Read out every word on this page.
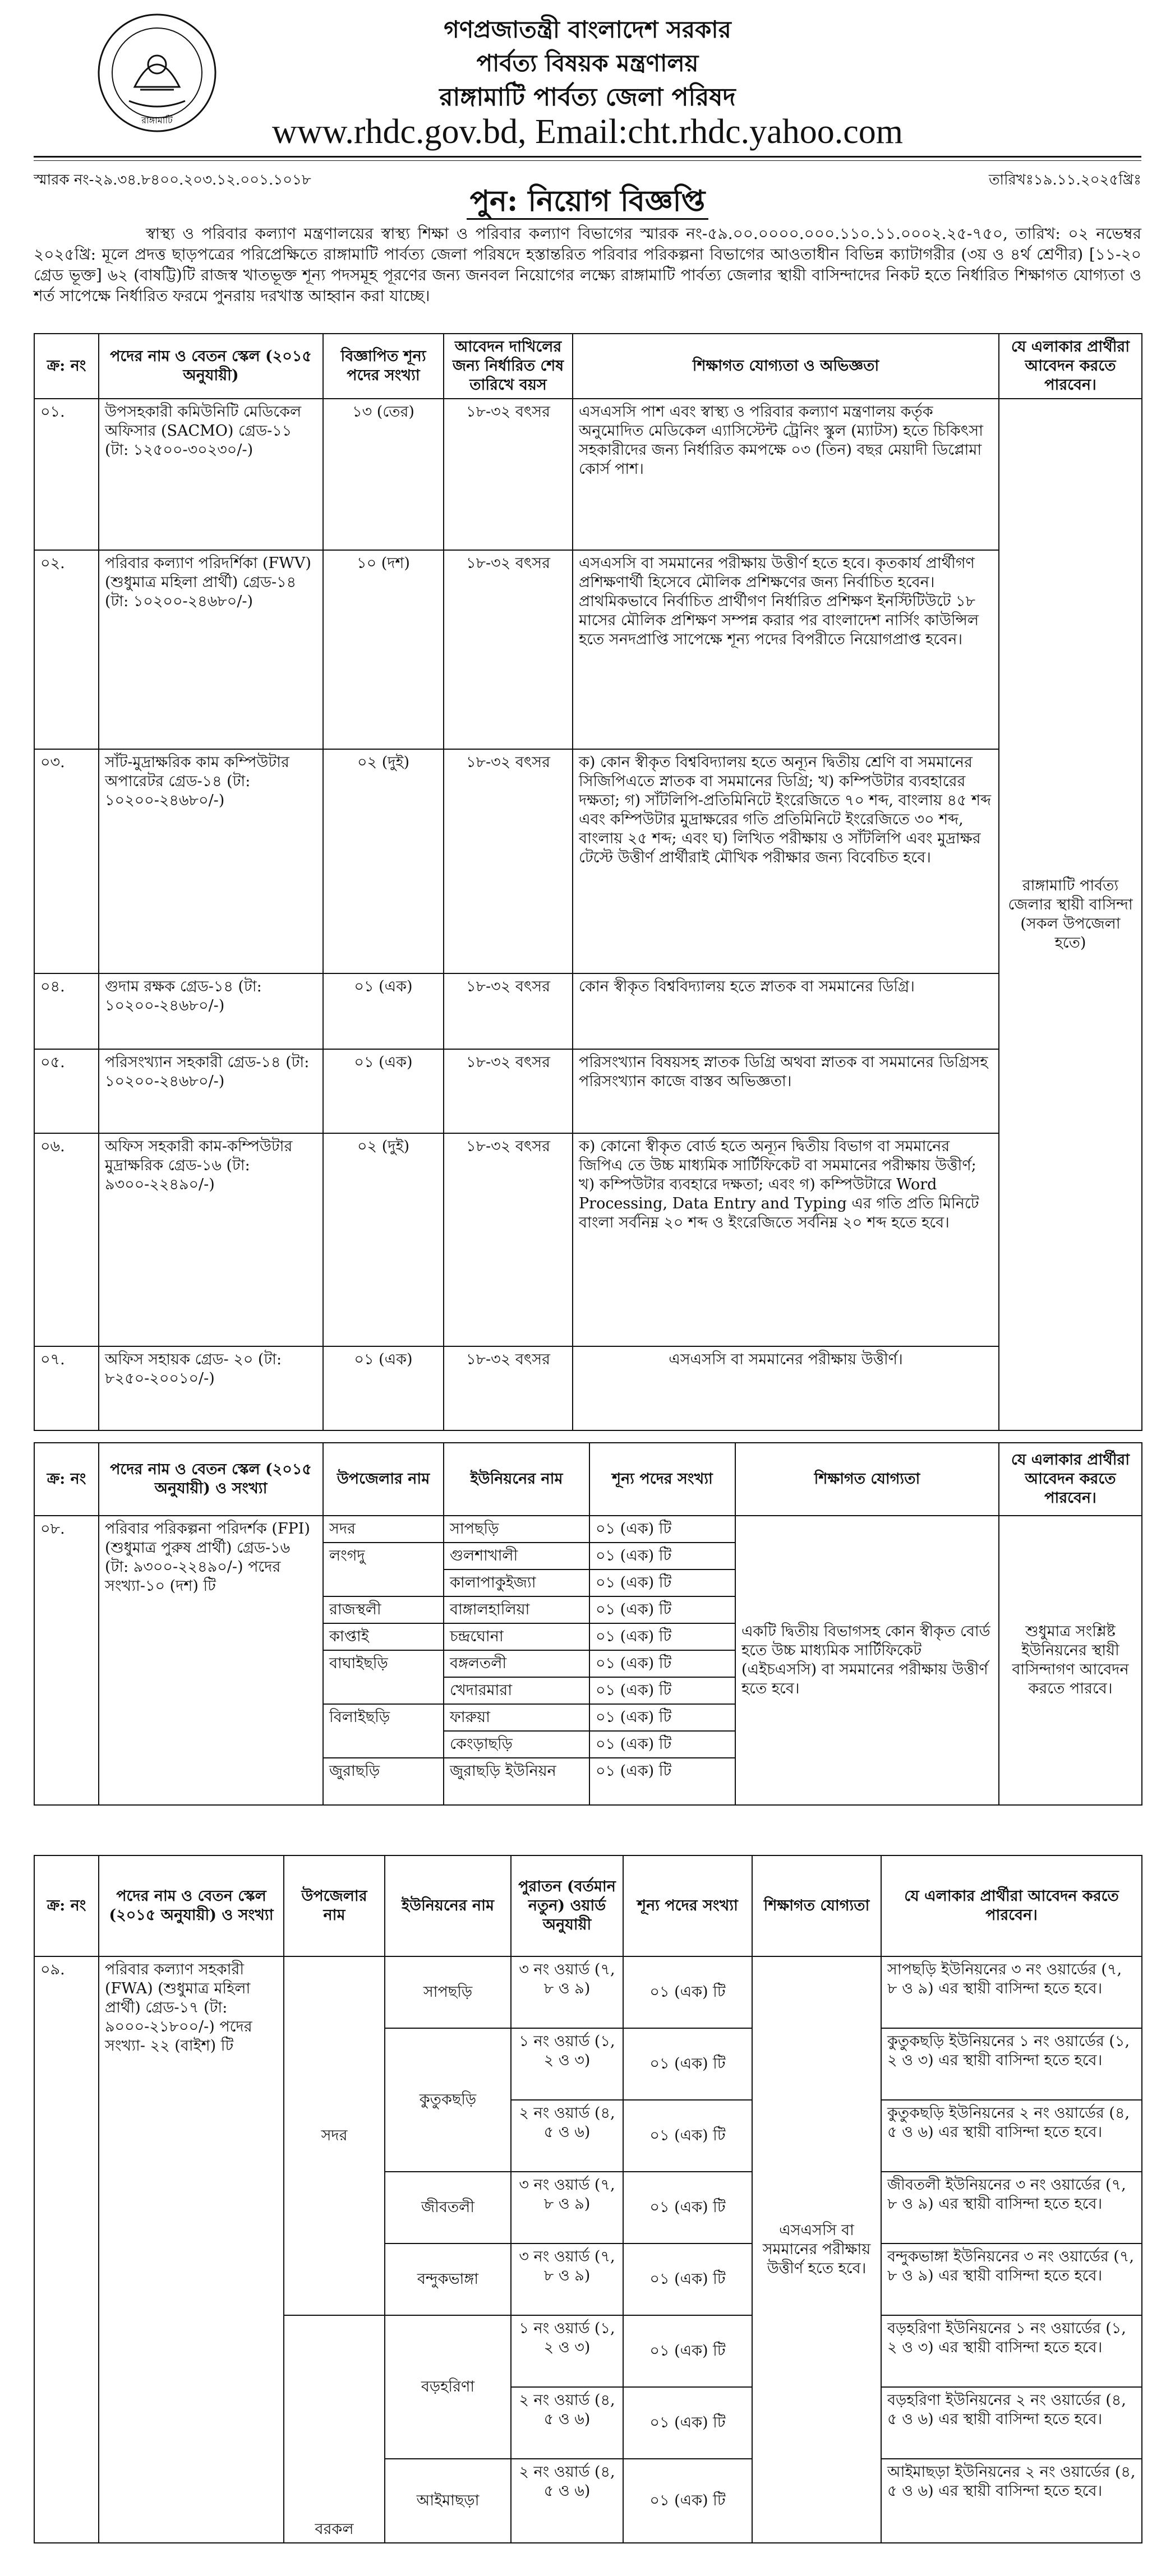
রাঙ্গামাটি
গণপ্রজাতন্ত্রী বাংলাদেশ সরকার
পার্বত্য বিষয়ক মন্ত্রণালয়
রাঙ্গামাটি পার্বত্য জেলা পরিষদ
www.rhdc.gov.bd, Email:cht.rhdc.yahoo.com
স্মারক নং-২৯.৩৪.৮৪০০.২০৩.১২.০০১.১০১৮	তারিখঃ১৯.১১.২০২৫খ্রিঃ
পুন: নিয়োগ বিজ্ঞপ্তি
স্বাস্থ্য ও পরিবার কল্যাণ মন্ত্রণালয়ের স্বাস্থ্য শিক্ষা ও পরিবার কল্যাণ বিভাগের স্মারক নং-৫৯.০০.০০০০.০০০.১১০.১১.০০০২.২৫-৭৫০, তারিখ: ০২ নভেম্বর ২০২৫খ্রি: মূলে প্রদত্ত ছাড়পত্রের পরিপ্রেক্ষিতে রাঙ্গামাটি পার্বত্য জেলা পরিষদে হস্তান্তরিত পরিবার পরিকল্পনা বিভাগের আওতাধীন বিভিন্ন ক্যাটাগরীর (৩য় ও ৪র্থ শ্রেণীর) [১১-২০ গ্রেড ভূক্ত] ৬২ (বাষট্টি)টি রাজস্ব খাতভূক্ত শূন্য পদসমূহ পূরণের জন্য জনবল নিয়োগের লক্ষ্যে রাঙ্গামাটি পার্বত্য জেলার স্থায়ী বাসিন্দাদের নিকট হতে নির্ধারিত শিক্ষাগত যোগ্যতা ও শর্ত সাপেক্ষে নির্ধারিত ফরমে পুনরায় দরখাস্ত আহ্বান করা যাচ্ছে।
ক্র: নং	পদের নাম ও বেতন স্কেল (২০১৫ অনুযায়ী)	বিজ্ঞাপিত শূন্য পদের সংখ্যা	আবেদন দাখিলের জন্য নির্ধারিত শেষ তারিখে বয়স	শিক্ষাগত যোগ্যতা ও অভিজ্ঞতা	যে এলাকার প্রার্থীরা আবেদন করতে পারবেন।
০১.	উপসহকারী কমিউনিটি মেডিকেল অফিসার (SACMO) গ্রেড-১১ (টা: ১২৫০০-৩০২৩০/-)	১৩ (তের)	১৮-৩২ বৎসর	এসএসসি পাশ এবং স্বাস্থ্য ও পরিবার কল্যাণ মন্ত্রণালয় কর্তৃক অনুমোদিত মেডিকেল এ্যাসিস্টেন্ট ট্রেনিং স্কুল (ম্যাটস) হতে চিকিৎসা সহকারীদের জন্য নির্ধারিত কমপক্ষে ০৩ (তিন) বছর মেয়াদী ডিপ্লোমা কোর্স পাশ।	রাঙ্গামাটি পার্বত্য জেলার স্থায়ী বাসিন্দা (সকল উপজেলা হতে)
০২.	পরিবার কল্যাণ পরিদর্শিকা (FWV) (শুধুমাত্র মহিলা প্রার্থী) গ্রেড-১৪ (টা: ১০২০০-২৪৬৮০/-)	১০ (দশ)	১৮-৩২ বৎসর	এসএসসি বা সমমানের পরীক্ষায় উত্তীর্ণ হতে হবে। কৃতকার্য প্রার্থীগণ প্রশিক্ষণার্থী হিসেবে মৌলিক প্রশিক্ষণের জন্য নির্বাচিত হবেন। প্রাথমিকভাবে নির্বাচিত প্রার্থীগণ নির্ধারিত প্রশিক্ষণ ইনস্টিটিউটে ১৮ মাসের মৌলিক প্রশিক্ষণ সম্পন্ন করার পর বাংলাদেশ নার্সিং কাউন্সিল হতে সনদপ্রাপ্তি সাপেক্ষে শূন্য পদের বিপরীতে নিয়োগপ্রাপ্ত হবেন।	
০৩.	সাঁট-মুদ্রাক্ষরিক কাম কম্পিউটার অপারেটর গ্রেড-১৪ (টা: ১০২০০-২৪৬৮০/-)	০২ (দুই)	১৮-৩২ বৎসর	ক) কোন স্বীকৃত বিশ্ববিদ্যালয় হতে অন্যূন দ্বিতীয় শ্রেণি বা সমমানের সিজিপিএতে স্নাতক বা সমমানের ডিগ্রি; খ) কম্পিউটার ব্যবহারের দক্ষতা; গ) সাঁটলিপি-প্রতিমিনিটে ইংরেজিতে ৭০ শব্দ, বাংলায় ৪৫ শব্দ এবং কম্পিউটার মুদ্রাক্ষরের গতি প্রতিমিনিটে ইংরেজিতে ৩০ শব্দ, বাংলায় ২৫ শব্দ; এবং ঘ) লিখিত পরীক্ষায় ও সাঁটলিপি এবং মুদ্রাক্ষর টেস্টে উত্তীর্ণ প্রার্থীরাই মৌখিক পরীক্ষার জন্য বিবেচিত হবে।	
০৪.	গুদাম রক্ষক গ্রেড-১৪ (টা: ১০২০০-২৪৬৮০/-)	০১ (এক)	১৮-৩২ বৎসর	কোন স্বীকৃত বিশ্ববিদ্যালয় হতে স্নাতক বা সমমানের ডিগ্রি।	
০৫.	পরিসংখ্যান সহকারী গ্রেড-১৪ (টা: ১০২০০-২৪৬৮০/-)	০১ (এক)	১৮-৩২ বৎসর	পরিসংখ্যান বিষয়সহ স্নাতক ডিগ্রি অথবা স্নাতক বা সমমানের ডিগ্রিসহ পরিসংখ্যান কাজে বাস্তব অভিজ্ঞতা।	
০৬.	অফিস সহকারী কাম-কম্পিউটার মুদ্রাক্ষরিক গ্রেড-১৬ (টা: ৯৩০০-২২৪৯০/-)	০২ (দুই)	১৮-৩২ বৎসর	ক) কোনো স্বীকৃত বোর্ড হতে অন্যূন দ্বিতীয় বিভাগ বা সমমানের জিপিএ তে উচ্চ মাধ্যমিক সার্টিফিকেট বা সমমানের পরীক্ষায় উত্তীর্ণ; খ) কম্পিউটার ব্যবহারে দক্ষতা; এবং গ) কম্পিউটারে Word Processing, Data Entry and Typing এর গতি প্রতি মিনিটে বাংলা সর্বনিম্ন ২০ শব্দ ও ইংরেজিতে সর্বনিম্ন ২০ শব্দ হতে হবে।	
০৭.	অফিস সহায়ক গ্রেড- ২০ (টা: ৮২৫০-২০০১০/-)	০১ (এক)	১৮-৩২ বৎসর	এসএসসি বা সমমানের পরীক্ষায় উত্তীর্ণ।	
ক্র: নং	পদের নাম ও বেতন স্কেল (২০১৫ অনুযায়ী) ও সংখ্যা	উপজেলার নাম	ইউনিয়নের নাম	শূন্য পদের সংখ্যা	শিক্ষাগত যোগ্যতা	যে এলাকার প্রার্থীরা আবেদন করতে পারবেন।
০৮.	পরিবার পরিকল্পনা পরিদর্শক (FPI) (শুধুমাত্র পুরুষ প্রার্থী) গ্রেড-১৬ (টা: ৯৩০০-২২৪৯০/-) পদের সংখ্যা-১০ (দশ) টি	সদর	সাপছড়ি	০১ (এক) টি	একটি দ্বিতীয় বিভাগসহ কোন স্বীকৃত বোর্ড হতে উচ্চ মাধ্যমিক সার্টিফিকেট (এইচএসসি) বা সমমানের পরীক্ষায় উত্তীর্ণ হতে হবে।	শুধুমাত্র সংশ্লিষ্ট ইউনিয়নের স্থায়ী বাসিন্দাগণ আবেদন করতে পারবে।
		লংগদু	গুলশাখালী	০১ (এক) টি		
			কালাপাকুইজ্যা	০১ (এক) টি		
		রাজস্থলী	বাঙ্গালহালিয়া	০১ (এক) টি		
		কাপ্তাই	চন্দ্রঘোনা	০১ (এক) টি		
		বাঘাইছড়ি	বঙ্গলতলী	০১ (এক) টি		
			খেদারমারা	০১ (এক) টি		
		বিলাইছড়ি	ফারুয়া	০১ (এক) টি		
			কেংড়াছড়ি	০১ (এক) টি		
		জুরাছড়ি	জুরাছড়ি ইউনিয়ন	০১ (এক) টি		
ক্র: নং	পদের নাম ও বেতন স্কেল (২০১৫ অনুযায়ী) ও সংখ্যা	উপজেলার নাম	ইউনিয়নের নাম	পুরাতন (বর্তমান নতুন) ওয়ার্ড অনুযায়ী	শূন্য পদের সংখ্যা	শিক্ষাগত যোগ্যতা	যে এলাকার প্রার্থীরা আবেদন করতে পারবেন।
০৯.	পরিবার কল্যাণ সহকারী (FWA) (শুধুমাত্র মহিলা প্রার্থী) গ্রেড-১৭ (টা: ৯০০০-২১৮০০/-) পদের সংখ্যা- ২২ (বাইশ) টি	সদর	সাপছড়ি	৩ নং ওয়ার্ড (৭, ৮ ও ৯)	০১ (এক) টি	এসএসসি বা সমমানের পরীক্ষায় উত্তীর্ণ হতে হবে।	সাপছড়ি ইউনিয়নের ৩ নং ওয়ার্ডের (৭, ৮ ও ৯) এর স্থায়ী বাসিন্দা হতে হবে।
			কুতুকছড়ি	১ নং ওয়ার্ড (১, ২ ও ৩)	০১ (এক) টি		কুতুকছড়ি ইউনিয়নের ১ নং ওয়ার্ডের (১, ২ ও ৩) এর স্থায়ী বাসিন্দা হতে হবে।
				২ নং ওয়ার্ড (৪, ৫ ও ৬)	০১ (এক) টি		কুতুকছড়ি ইউনিয়নের ২ নং ওয়ার্ডের (৪, ৫ ও ৬) এর স্থায়ী বাসিন্দা হতে হবে।
			জীবতলী	৩ নং ওয়ার্ড (৭, ৮ ও ৯)	০১ (এক) টি		জীবতলী ইউনিয়নের ৩ নং ওয়ার্ডের (৭, ৮ ও ৯) এর স্থায়ী বাসিন্দা হতে হবে।
			বন্দুকভাঙ্গা	৩ নং ওয়ার্ড (৭, ৮ ও ৯)	০১ (এক) টি		বন্দুকভাঙ্গা ইউনিয়নের ৩ নং ওয়ার্ডের (৭, ৮ ও ৯) এর স্থায়ী বাসিন্দা হতে হবে।
		বরকল	বড়হরিণা	১ নং ওয়ার্ড (১, ২ ও ৩)	০১ (এক) টি		বড়হরিণা ইউনিয়নের ১ নং ওয়ার্ডের (১, ২ ও ৩) এর স্থায়ী বাসিন্দা হতে হবে।
				২ নং ওয়ার্ড (৪, ৫ ও ৬)	০১ (এক) টি		বড়হরিণা ইউনিয়নের ২ নং ওয়ার্ডের (৪, ৫ ও ৬) এর স্থায়ী বাসিন্দা হতে হবে।
			আইমাছড়া	২ নং ওয়ার্ড (৪, ৫ ও ৬)	০১ (এক) টি		আইমাছড়া ইউনিয়নের ২ নং ওয়ার্ডের (৪, ৫ ও ৬) এর স্থায়ী বাসিন্দা হতে হবে।
